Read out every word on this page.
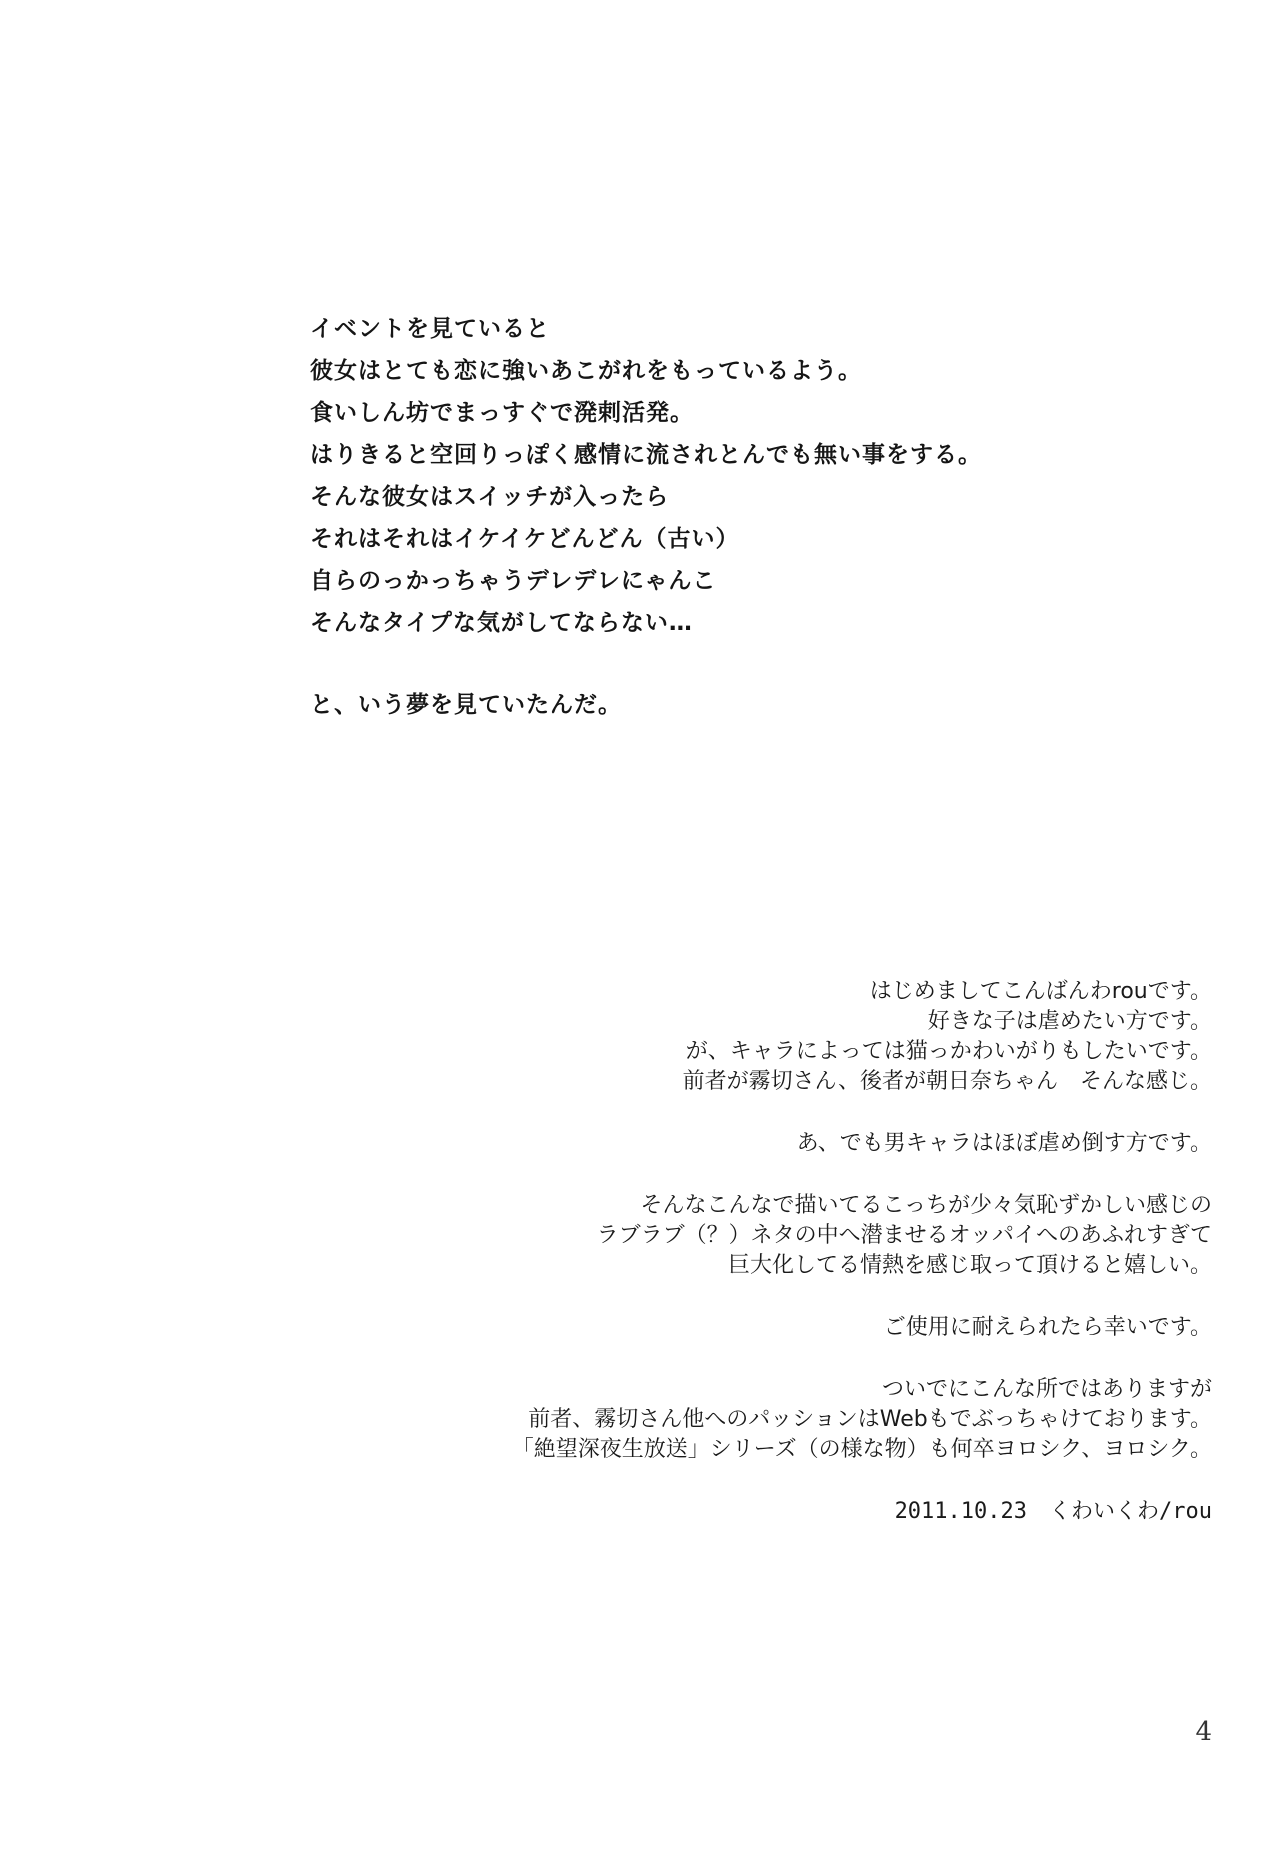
イベントを見ていると
彼女はとても恋に強いあこがれをもっているよう。
食いしん坊でまっすぐで溌剌活発。
はりきると空回りっぽく感情に流されとんでも無い事をする。
そんな彼女はスイッチが入ったら
それはそれはイケイケどんどん（古い）
自らのっかっちゃうデレデレにゃんこ
そんなタイプな気がしてならない…
と、いう夢を見ていたんだ。
はじめましてこんばんわrouです。
好きな子は虐めたい方です。
が、キャラによっては猫っかわいがりもしたいです。
前者が霧切さん、後者が朝日奈ちゃん　そんな感じ。
あ、でも男キャラはほぼ虐め倒す方です。
そんなこんなで描いてるこっちが少々気恥ずかしい感じの
ラブラブ（？）ネタの中へ潜ませるオッパイへのあふれすぎて
巨大化してる情熱を感じ取って頂けると嬉しい。
ご使用に耐えられたら幸いです。
ついでにこんな所ではありますが
前者、霧切さん他へのパッションはWebもでぶっちゃけております。
「絶望深夜生放送」シリーズ（の様な物）も何卒ヨロシク、ヨロシク。
2011.10.23　くわいくわ/rou
4
